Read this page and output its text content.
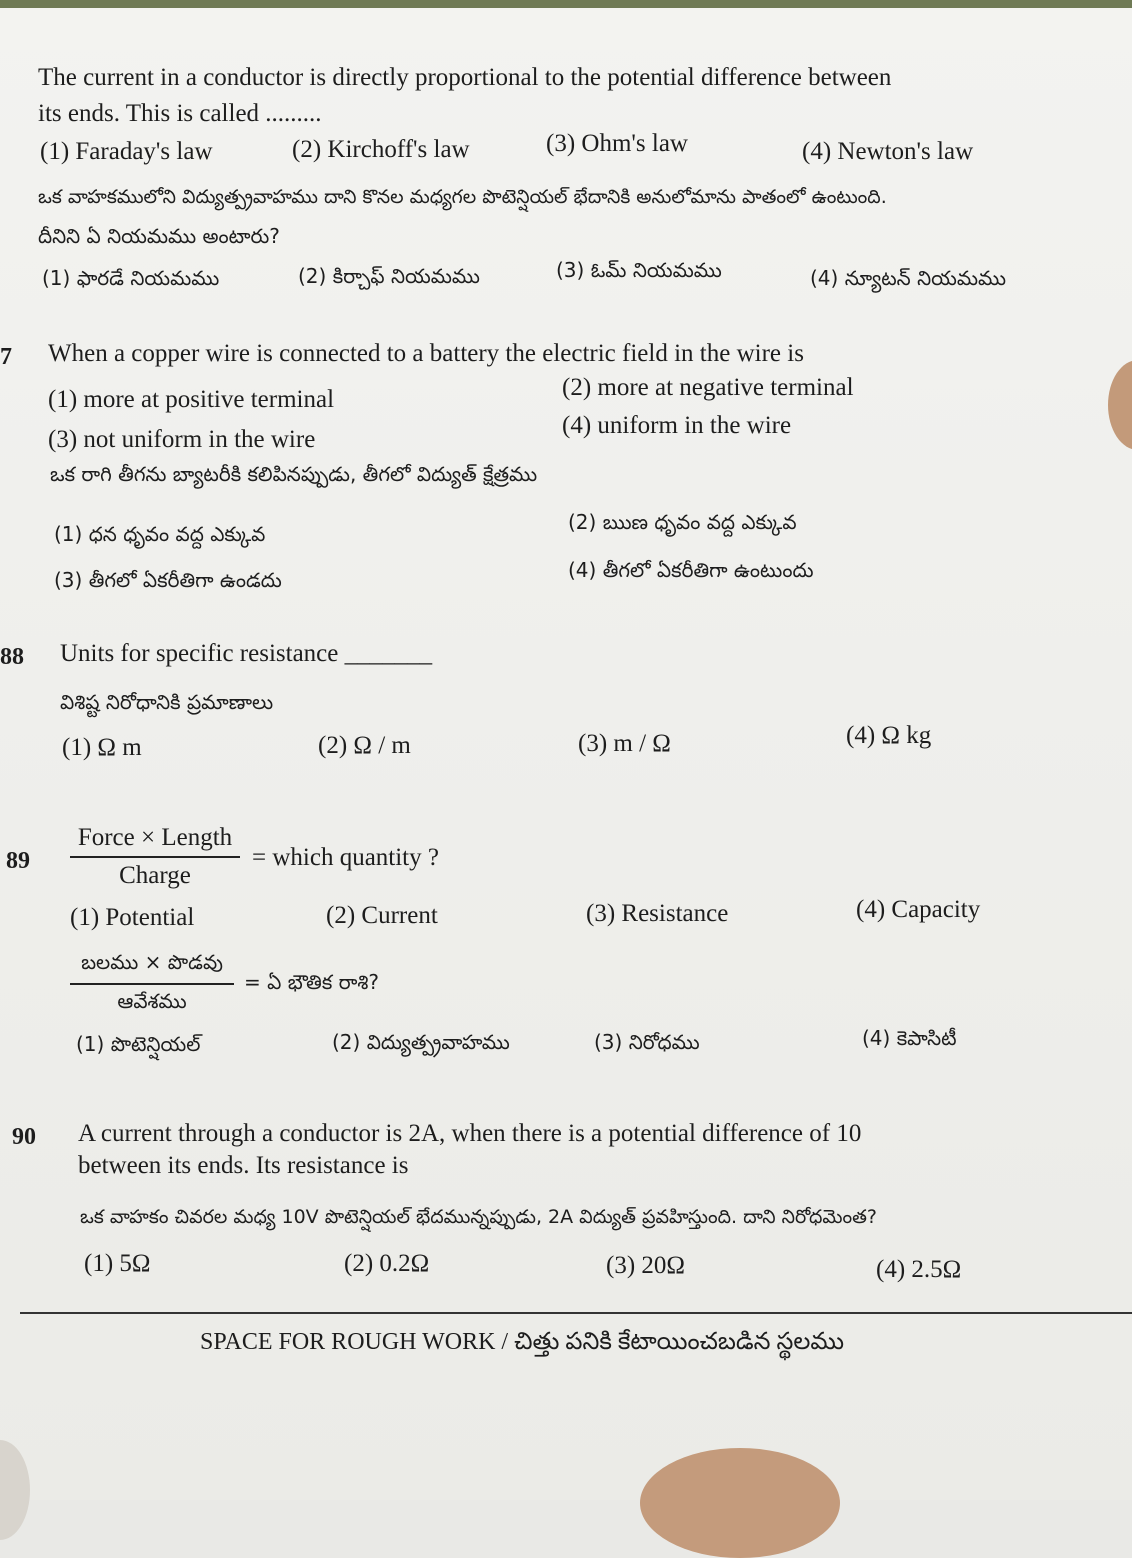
The current in a conductor is directly proportional to the potential difference between
its ends. This is called .........
(1) Faraday's law	(2) Kirchoff's law	(3) Ohm's law	(4) Newton's law
ఒక వాహకములోని విద్యుత్ప్రవాహము దాని కొనల మధ్యగల పొటెన్షియల్ భేదానికి అనులోమాను పాతంలో ఉంటుంది.
దీనిని ఏ నియమము అంటారు?
(1) ఫారడే నియమము	(2) కిర్చాఫ్ నియమము	(3) ఓమ్ నియమము	(4) న్యూటన్ నియమము
7 When a copper wire is connected to a battery the electric field in the wire is
(1) more at positive terminal	(2) more at negative terminal
(3) not uniform in the wire
(4) uniform in the wire
ఒక రాగి తీగను బ్యాటరీకి కలిపినప్పుడు, తీగలో విద్యుత్ క్షేత్రము
(1) ధన ధృవం వద్ద ఎక్కువ	(2) ఋణ ధృవం వద్ద ఎక్కువ
(3) తీగలో ఏకరీతిగా ఉండదు	(4) తీగలో ఏకరీతిగా ఉంటుందు
88 Units for specific resistance _______
విశిష్ట నిరోధానికి ప్రమాణాలు
(1) Ω m	(2) Ω / m	(3) m / Ω	(4) Ω kg
89
Force × Length
Charge
= which quantity ?
(1) Potential	(2) Current	(3) Resistance	(4) Capacity
బలము × పొడవు
ఆవేశము
= ఏ భౌతిక రాశి?
(1) పొటెన్షియల్	(2) విద్యుత్ప్రవాహము	(3) నిరోధము	(4) కెపాసిటీ
90 A current through a conductor is 2A, when there is a potential difference of 10
between its ends. Its resistance is
ఒక వాహకం చివరల మధ్య 10V పొటెన్షియల్ భేదమున్నప్పుడు, 2A విద్యుత్ ప్రవహిస్తుంది. దాని నిరోధమెంత?
(1) 5Ω	(2) 0.2Ω	(3) 20Ω	(4) 2.5Ω
SPACE FOR ROUGH WORK / చిత్తు పనికి కేటాయించబడిన స్థలము
